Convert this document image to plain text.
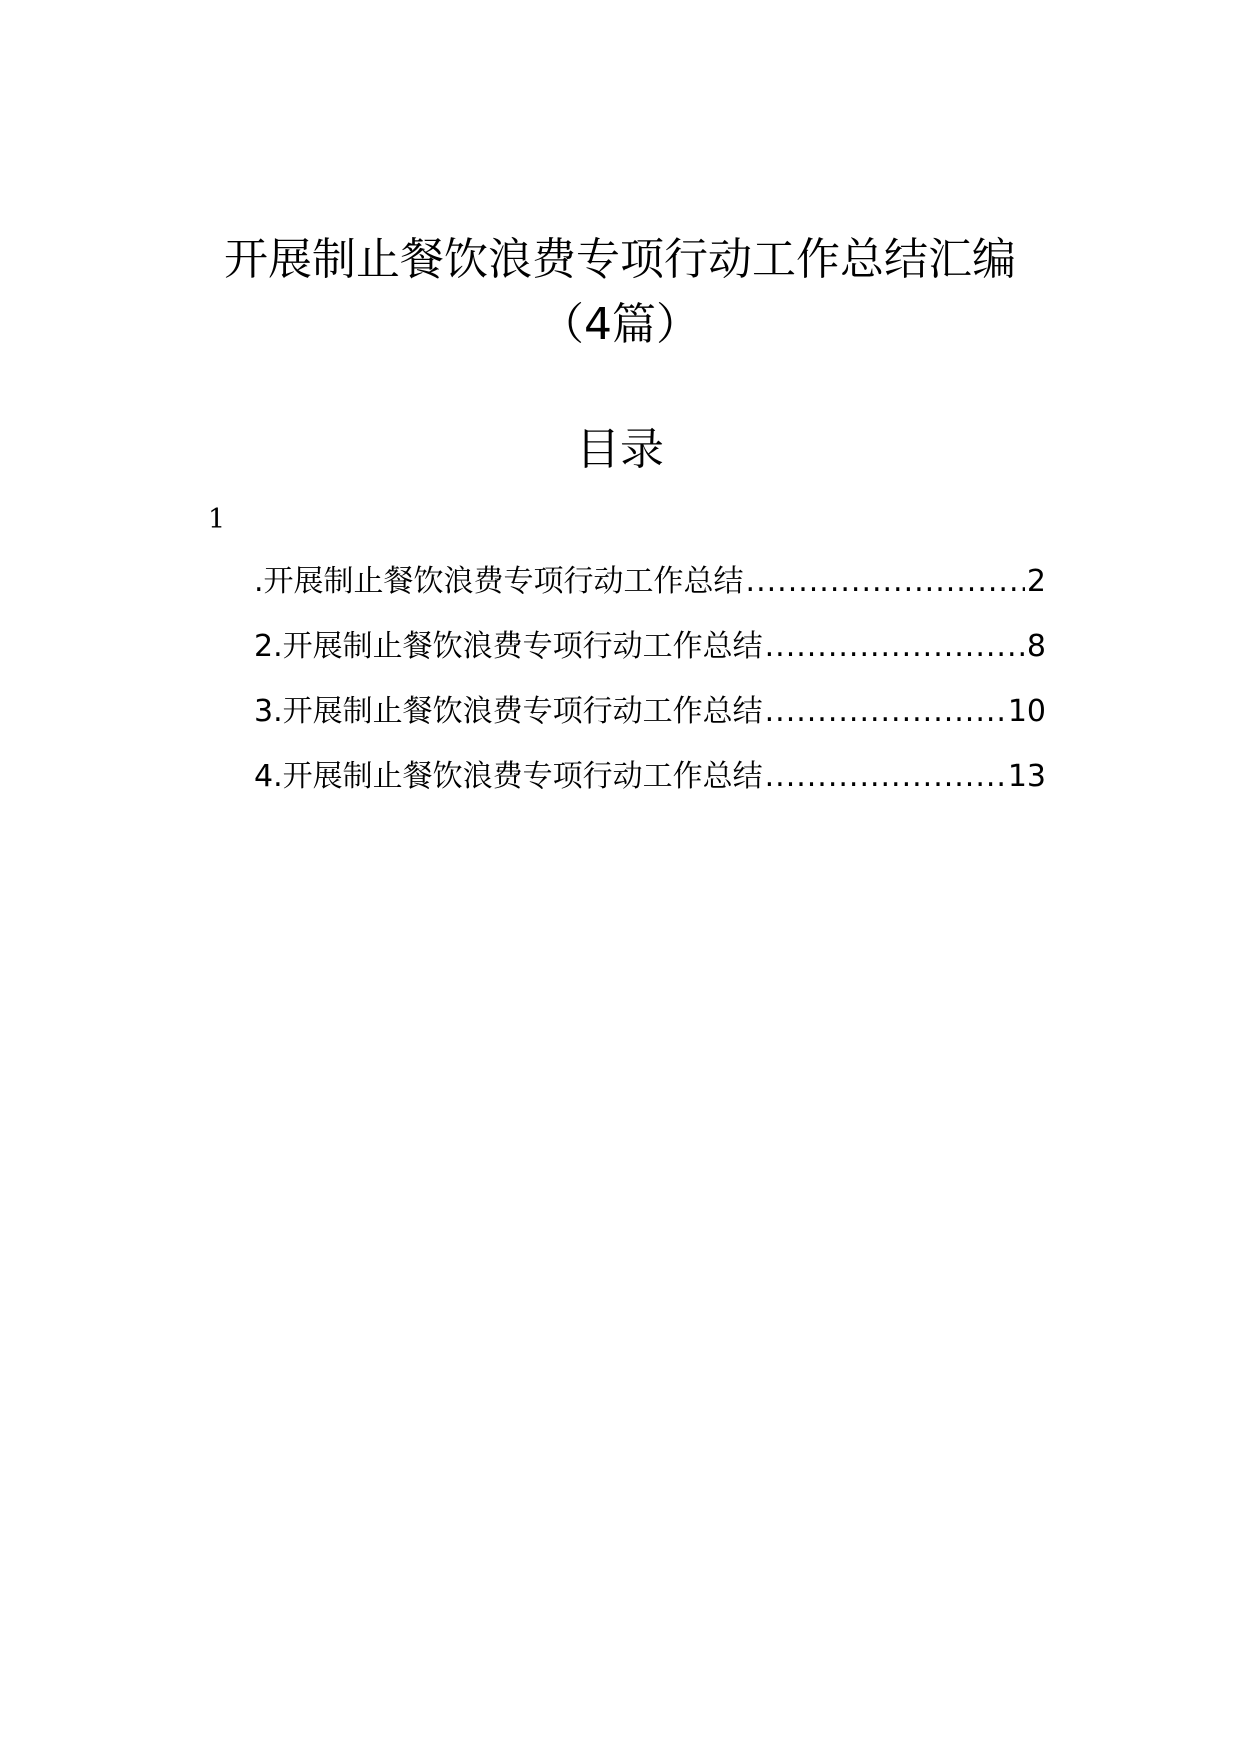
开展制止餐饮浪费专项行动工作总结汇编
（4篇）
目录
1
.开展制止餐饮浪费专项行动工作总结 .....	2
2.开展制止餐饮浪费专项行动工作总结 .....	8
3.开展制止餐饮浪费专项行动工作总结 .....	10
4.开展制止餐饮浪费专项行动工作总结 .....	13
